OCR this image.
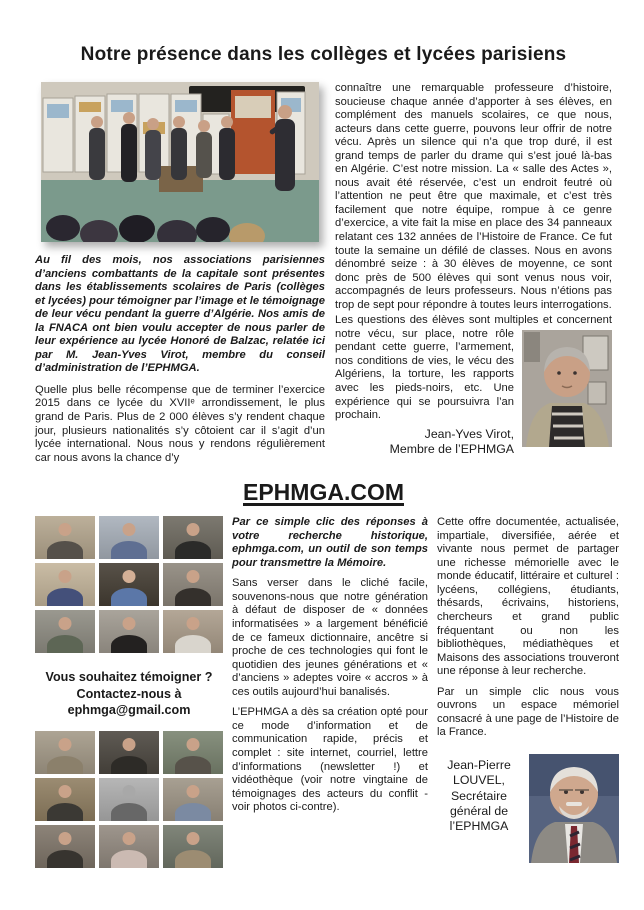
Notre présence dans les collèges et lycées parisiens

Au fil des mois, nos associations parisiennes d’anciens combattants de la capitale sont présentes dans les établissements scolaires de Paris (collèges et lycées) pour témoigner par l’image et le témoignage de leur vécu pendant la guerre d’Algérie. Nos amis de la FNACA ont bien voulu accepter de nous parler de leur expérience au lycée Honoré de Balzac, relatée ici par M. Jean-Yves Virot, membre du conseil d’administration de l’EPHMGA.

Quelle plus belle récompense que de terminer l’exercice 2015 dans ce lycée du XVIIᵉ arrondissement, le plus grand de Paris. Plus de 2 000 élèves s’y rendent chaque jour, plusieurs nationalités s’y côtoient car il s’agit d’un lycée international. Nous nous y rendons régulièrement car nous avons la chance d’y

connaître une remarquable professeure d’histoire, soucieuse chaque année d’apporter à ses élèves, en complément des manuels scolaires, ce que nous, acteurs dans cette guerre, pouvons leur offrir de notre vécu. Après un silence qui n’a que trop duré, il est grand temps de parler du drame qui s’est joué là-bas en Algérie. C’est notre mission. La « salle des Actes », nous avait été réservée, c’est un endroit feutré où l’attention ne peut être que maximale, et c’est très facilement que notre équipe, rompue à ce genre d’exercice, a vite fait la mise en place des 34 panneaux relatant ces 132 années de l’Histoire de France. Ce fut toute la semaine un défilé de classes. Nous en avons dénombré seize : à 30 élèves de moyenne, ce sont donc près de 500 élèves qui sont venus nous voir, accompagnés de leurs professeurs. Nous n’étions pas trop de sept pour répondre à toutes leurs interrogations.

Les questions des élèves sont multiples et concernent
notre vécu, sur place, notre rôle pendant cette guerre, l’armement, nos conditions de vies, le vécu des Algériens, la torture, les rapports avec les pieds-noirs, etc. Une expérience qui se poursuivra l’an prochain.

Jean-Yves Virot,
Membre de l’EPHMGA
EPHMGA.COM
Vous souhaitez témoigner ?
Contactez-nous à
ephmga@gmail.com

Par ce simple clic des réponses à votre recherche historique, ephmga.com, un outil de son temps pour transmettre la Mémoire.

Sans verser dans le cliché facile, souvenons-nous que notre génération à défaut de disposer de « données informatisées » a largement bénéficié de ce fameux dictionnaire, ancêtre si proche de ces technologies qui font le quotidien des jeunes générations et « d’anciens » adeptes voire « accros » à ces outils aujourd’hui banalisés.

L’EPHMGA a dès sa création opté pour ce mode d’information et de communication rapide, précis et complet : site internet, courriel, lettre d’informations (newsletter !) et vidéothèque (voir notre vingtaine de témoignages des acteurs du conflit - voir photos ci-contre).

Cette offre documentée, actualisée, impartiale, diversifiée, aérée et vivante nous permet de partager une richesse mémorielle avec le monde éducatif, littéraire et culturel : lycéens, collégiens, étudiants, thésards, écrivains, historiens, chercheurs et grand public fréquentant ou non les bibliothèques, médiathèques et Maisons des associations trouveront une réponse à leur recherche.

Par un simple clic nous vous ouvrons un espace mémoriel consacré à une page de l’Histoire de la France.

Jean-Pierre LOUVEL, Secrétaire général de l’EPHMGA
